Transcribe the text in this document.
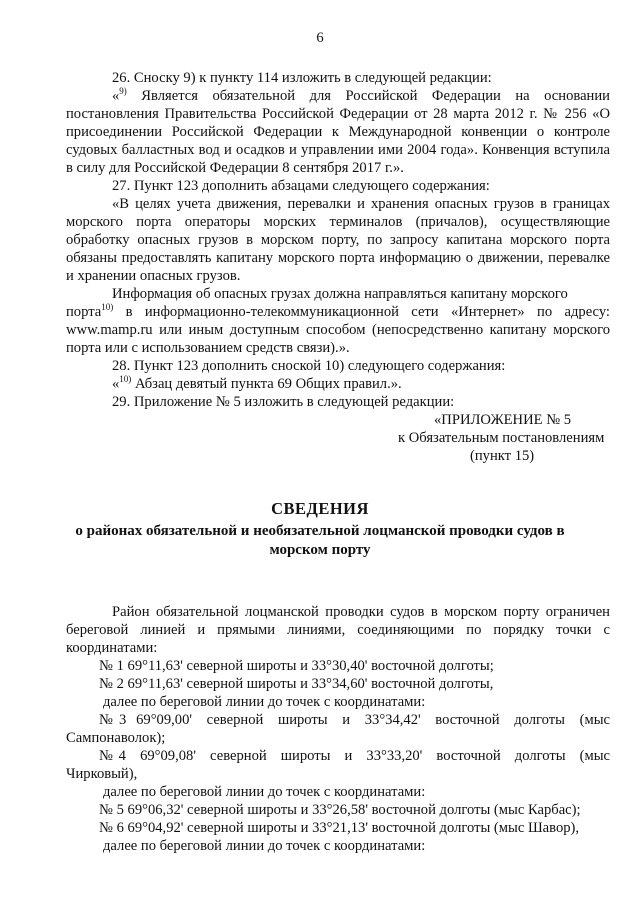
6
26. Сноску 9) к пункту 114 изложить в следующей редакции:
«$^{9)}$ Является обязательной для Российской Федерации на основании
постановления Правительства Российской Федерации от 28 марта 2012 г. № 256 «О присоединении Российской Федерации к Международной конвенции о контроле судовых балластных вод и осадков и управлении ими 2004 года». Конвенция вступила в силу для Российской Федерации 8 сентября 2017 г.».
27. Пункт 123 дополнить абзацами следующего содержания:
«В целях учета движения, перевалки и хранения опасных грузов в границах морского порта операторы морских терминалов (причалов), осуществляющие обработку опасных грузов в морском порту, по запросу капитана морского порта обязаны предоставлять капитану морского порта информацию о движении, перевалке и хранении опасных грузов.
Информация об опасных грузах должна направляться капитану морского
порта$^{10)}$ в информационно-телекоммуникационной сети «Интернет» по адресу:
www.mamp.ru или иным доступным способом (непосредственно капитану морского порта или с использованием средств связи).».
28. Пункт 123 дополнить сноской 10) следующего содержания:
«$^{10)}$ Абзац девятый пункта 69 Общих правил.».
29. Приложение № 5 изложить в следующей редакции:
«ПРИЛОЖЕНИЕ № 5
к Обязательным постановлениям
(пункт 15)
СВЕДЕНИЯ
о районах обязательной и необязательной лоцманской проводки судов в
морском порту
Район обязательной лоцманской проводки судов в морском порту ограничен береговой линией и прямыми линиями, соединяющими по порядку точки с координатами:
№ 1 69°11,63' северной широты и 33°30,40' восточной долготы;
№ 2 69°11,63' северной широты и 33°34,60' восточной долготы,
далее по береговой линии до точек с координатами:
№ 3  69°09,00'   северной   широты   и   33°34,42'   восточной   долготы   (мыс
Сампонаволок);
№ 4   69°09,08'   северной   широты   и   33°33,20'   восточной   долготы   (мыс
Чирковый),
далее по береговой линии до точек с координатами:
№ 5 69°06,32' северной широты и 33°26,58' восточной долготы (мыс Карбас);
№ 6 69°04,92' северной широты и 33°21,13' восточной долготы (мыс Шавор),
далее по береговой линии до точек с координатами:
